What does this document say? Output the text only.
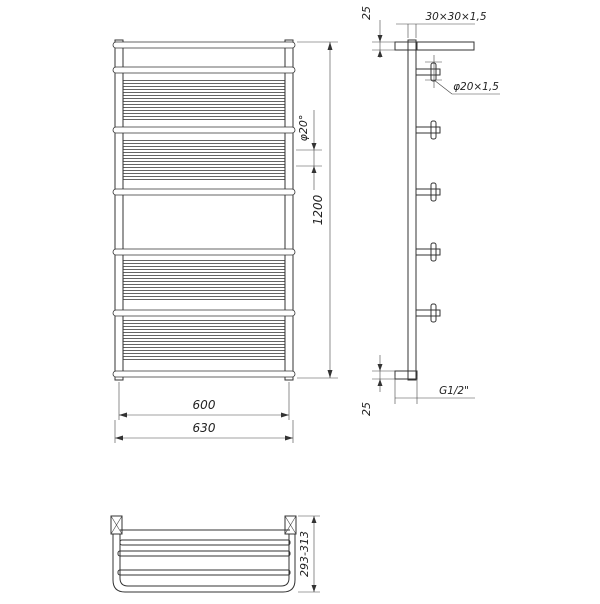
1200
φ20°
600
630
25	30×30×1,5
φ20×1,5
25
G1/2"
293-313
